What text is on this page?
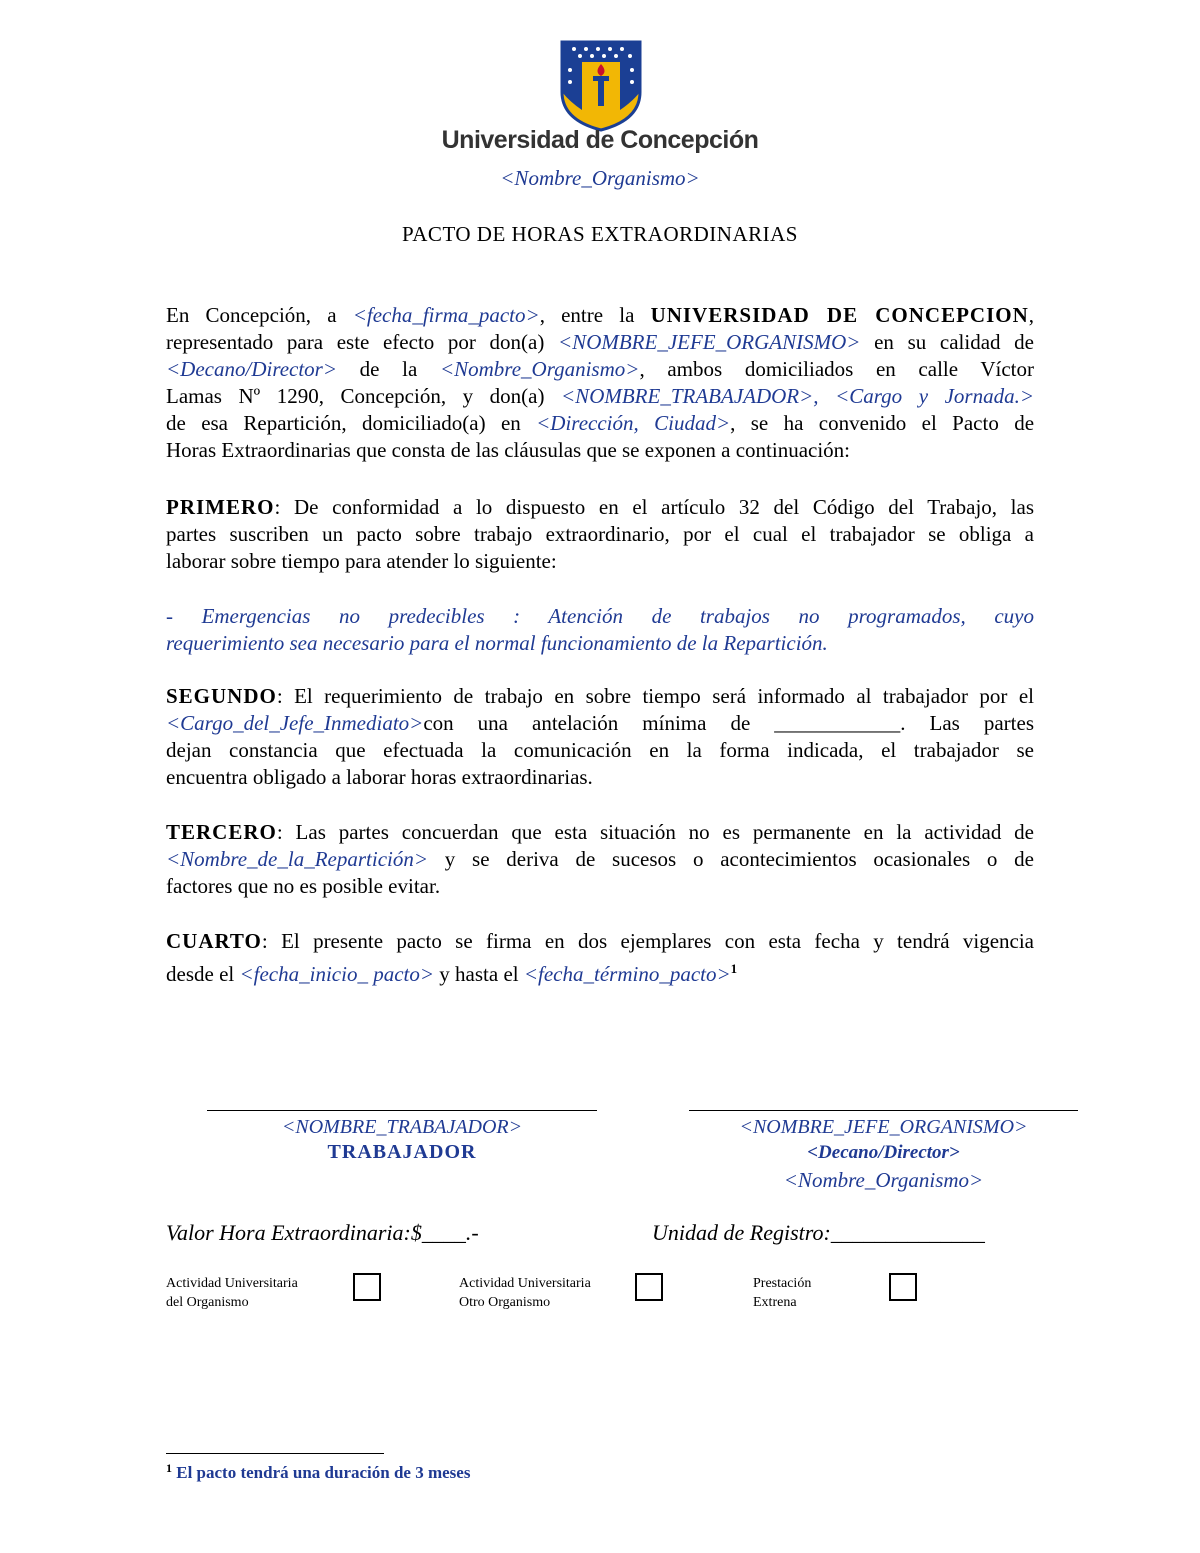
Universidad de Concepción
<Nombre_Organismo>
PACTO DE HORAS EXTRAORDINARIAS
En Concepción, a <fecha_firma_pacto>, entre la UNIVERSIDAD DE CONCEPCION,
representado para este efecto por don(a) <NOMBRE_JEFE_ORGANISMO> en su calidad de
<Decano/Director> de la <Nombre_Organismo>, ambos domiciliados en calle Víctor
Lamas Nº 1290, Concepción, y don(a) <NOMBRE_TRABAJADOR>, <Cargo y Jornada.>
de esa Repartición, domiciliado(a) en <Dirección, Ciudad>, se ha convenido el Pacto de
Horas Extraordinarias que consta de las cláusulas que se exponen a continuación:
PRIMERO: De conformidad a lo dispuesto en el artículo 32 del Código del Trabajo, las
partes suscriben un pacto sobre trabajo extraordinario, por el cual el trabajador se obliga a
laborar sobre tiempo para atender lo siguiente:
- Emergencias no predecibles : Atención de trabajos no programados, cuyo
requerimiento sea necesario para el normal funcionamiento de la Repartición.
SEGUNDO: El requerimiento de trabajo en sobre tiempo será informado al trabajador por el
<Cargo_del_Jefe_Inmediato>con una antelación mínima de ____________. Las partes
dejan constancia que efectuada la comunicación en la forma indicada, el trabajador se
encuentra obligado a laborar horas extraordinarias.
TERCERO: Las partes concuerdan que esta situación no es permanente en la actividad de
<Nombre_de_la_Repartición> y se deriva de sucesos o acontecimientos ocasionales o de
factores que no es posible evitar.
CUARTO: El presente pacto se firma en dos ejemplares con esta fecha y tendrá vigencia
desde el <fecha_inicio_ pacto> y hasta el <fecha_término_pacto>$^1$
<NOMBRE_TRABAJADOR>
TRABAJADOR
<NOMBRE_JEFE_ORGANISMO>
<Decano/Director>
<Nombre_Organismo>
Valor Hora Extraordinaria:$____.-	Unidad de Registro:______________
Actividad Universitaria
del Organismo
Actividad Universitaria
Otro Organismo
Prestación
Extrena
$^1$ El pacto tendrá una duración de 3 meses
